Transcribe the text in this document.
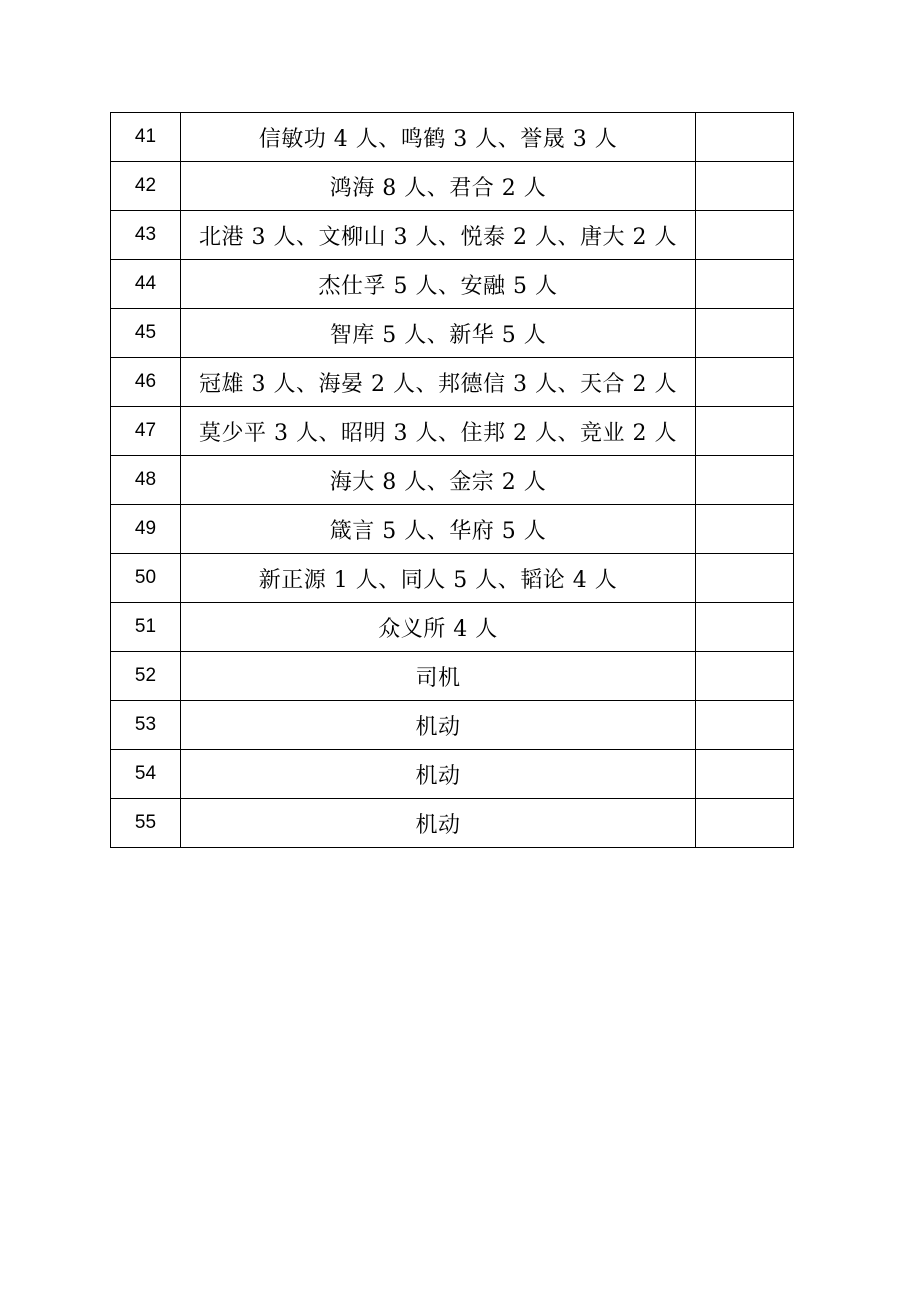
41	信敏功 4 人、鸣鹤 3 人、誉晟 3 人	
42	鸿海 8 人、君合 2 人	
43	北港 3 人、文柳山 3 人、悦泰 2 人、唐大 2 人	
44	杰仕孚 5 人、安融 5 人	
45	智库 5 人、新华 5 人	
46	冠雄 3 人、海晏 2 人、邦德信 3 人、天合 2 人	
47	莫少平 3 人、昭明 3 人、住邦 2 人、竞业 2 人	
48	海大 8 人、金宗 2 人	
49	箴言 5 人、华府 5 人	
50	新正源 1 人、同人 5 人、韬论 4 人	
51	众义所 4 人	
52	司机	
53	机动	
54	机动	
55	机动	
